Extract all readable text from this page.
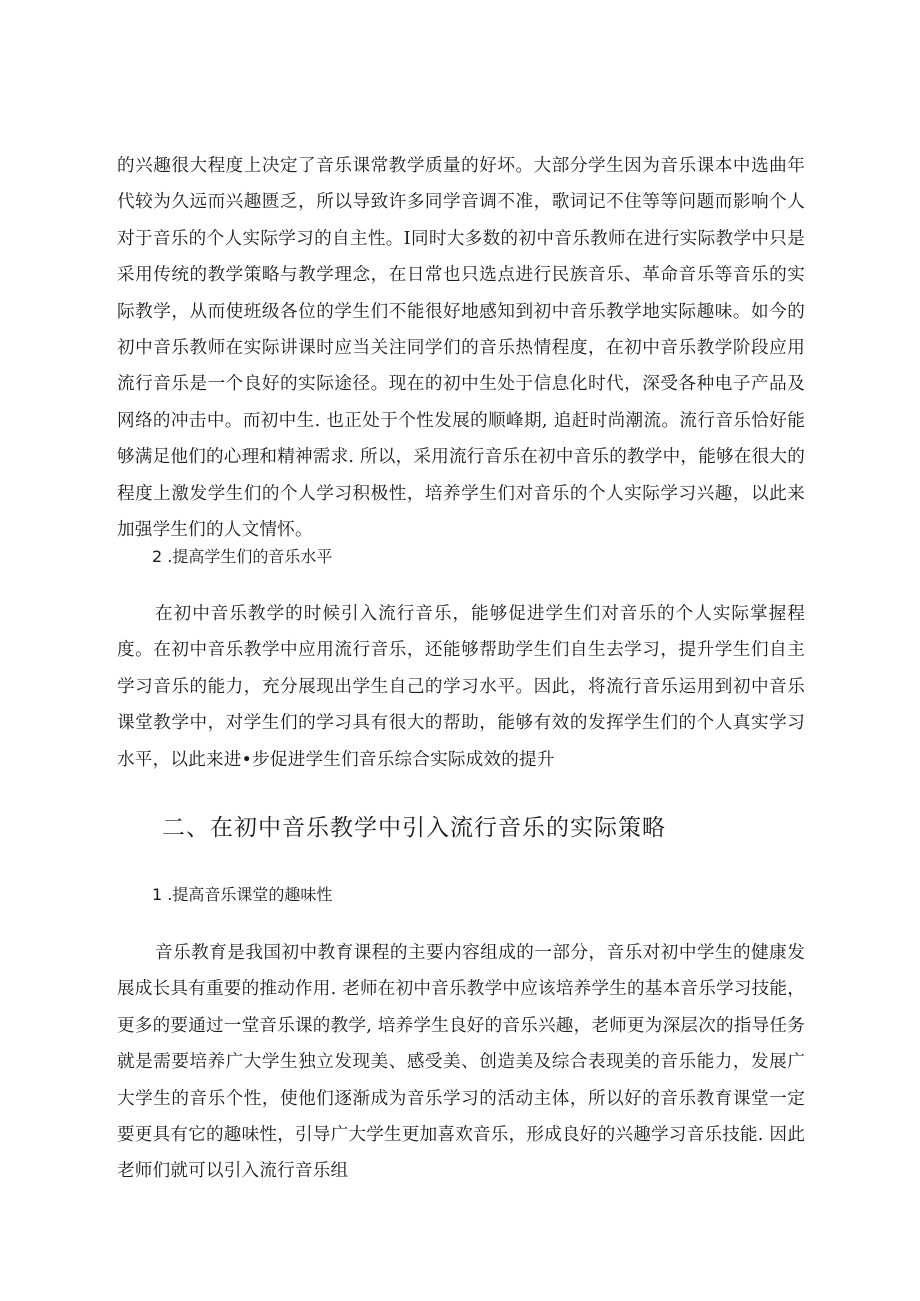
的兴趣很大程度上决定了音乐课常教学质量的好坏。大部分学生因为音乐课本中选曲年代较为久远而兴趣匮乏，所以导致许多同学音调不准，歌词记不住等等问题而影响个人对于音乐的个人实际学习的自主性。I同时大多数的初中音乐教师在进行实际教学中只是采用传统的教学策略与教学理念，在日常也只选点进行民族音乐、革命音乐等音乐的实际教学，从而使班级各位的学生们不能很好地感知到初中音乐教学地实际趣味。如今的初中音乐教师在实际讲课时应当关注同学们的音乐热情程度，在初中音乐教学阶段应用流行音乐是一个良好的实际途径。现在的初中生处于信息化时代，深受各种电子产品及网络的冲击中。而初中生. 也正处于个性发展的顺峰期, 追赶时尚潮流。流行音乐恰好能够满足他们的心理和精神需求. 所以，采用流行音乐在初中音乐的教学中，能够在很大的程度上激发学生们的个人学习积极性，培养学生们对音乐的个人实际学习兴趣，以此来加强学生们的人文情怀。

2 .提高学生们的音乐水平

在初中音乐教学的时候引入流行音乐，能够促进学生们对音乐的个人实际掌握程度。在初中音乐教学中应用流行音乐，还能够帮助学生们自生去学习，提升学生们自主学习音乐的能力，充分展现出学生自己的学习水平。因此，将流行音乐运用到初中音乐课堂教学中，对学生们的学习具有很大的帮助，能够有效的发挥学生们的个人真实学习水平，以此来进•步促进学生们音乐综合实际成效的提升

二、在初中音乐教学中引入流行音乐的实际策略
1 .提高音乐课堂的趣味性

音乐教育是我国初中教育课程的主要内容组成的一部分，音乐对初中学生的健康发展成长具有重要的推动作用. 老师在初中音乐教学中应该培养学生的基本音乐学习技能，更多的要通过一堂音乐课的教学, 培养学生良好的音乐兴趣，老师更为深层次的指导任务就是需要培养广大学生独立发现美、感受美、创造美及综合表现美的音乐能力，发展广大学生的音乐个性，使他们逐渐成为音乐学习的活动主体，所以好的音乐教育课堂一定要更具有它的趣味性，引导广大学生更加喜欢音乐，形成良好的兴趣学习音乐技能. 因此老师们就可以引入流行音乐组
